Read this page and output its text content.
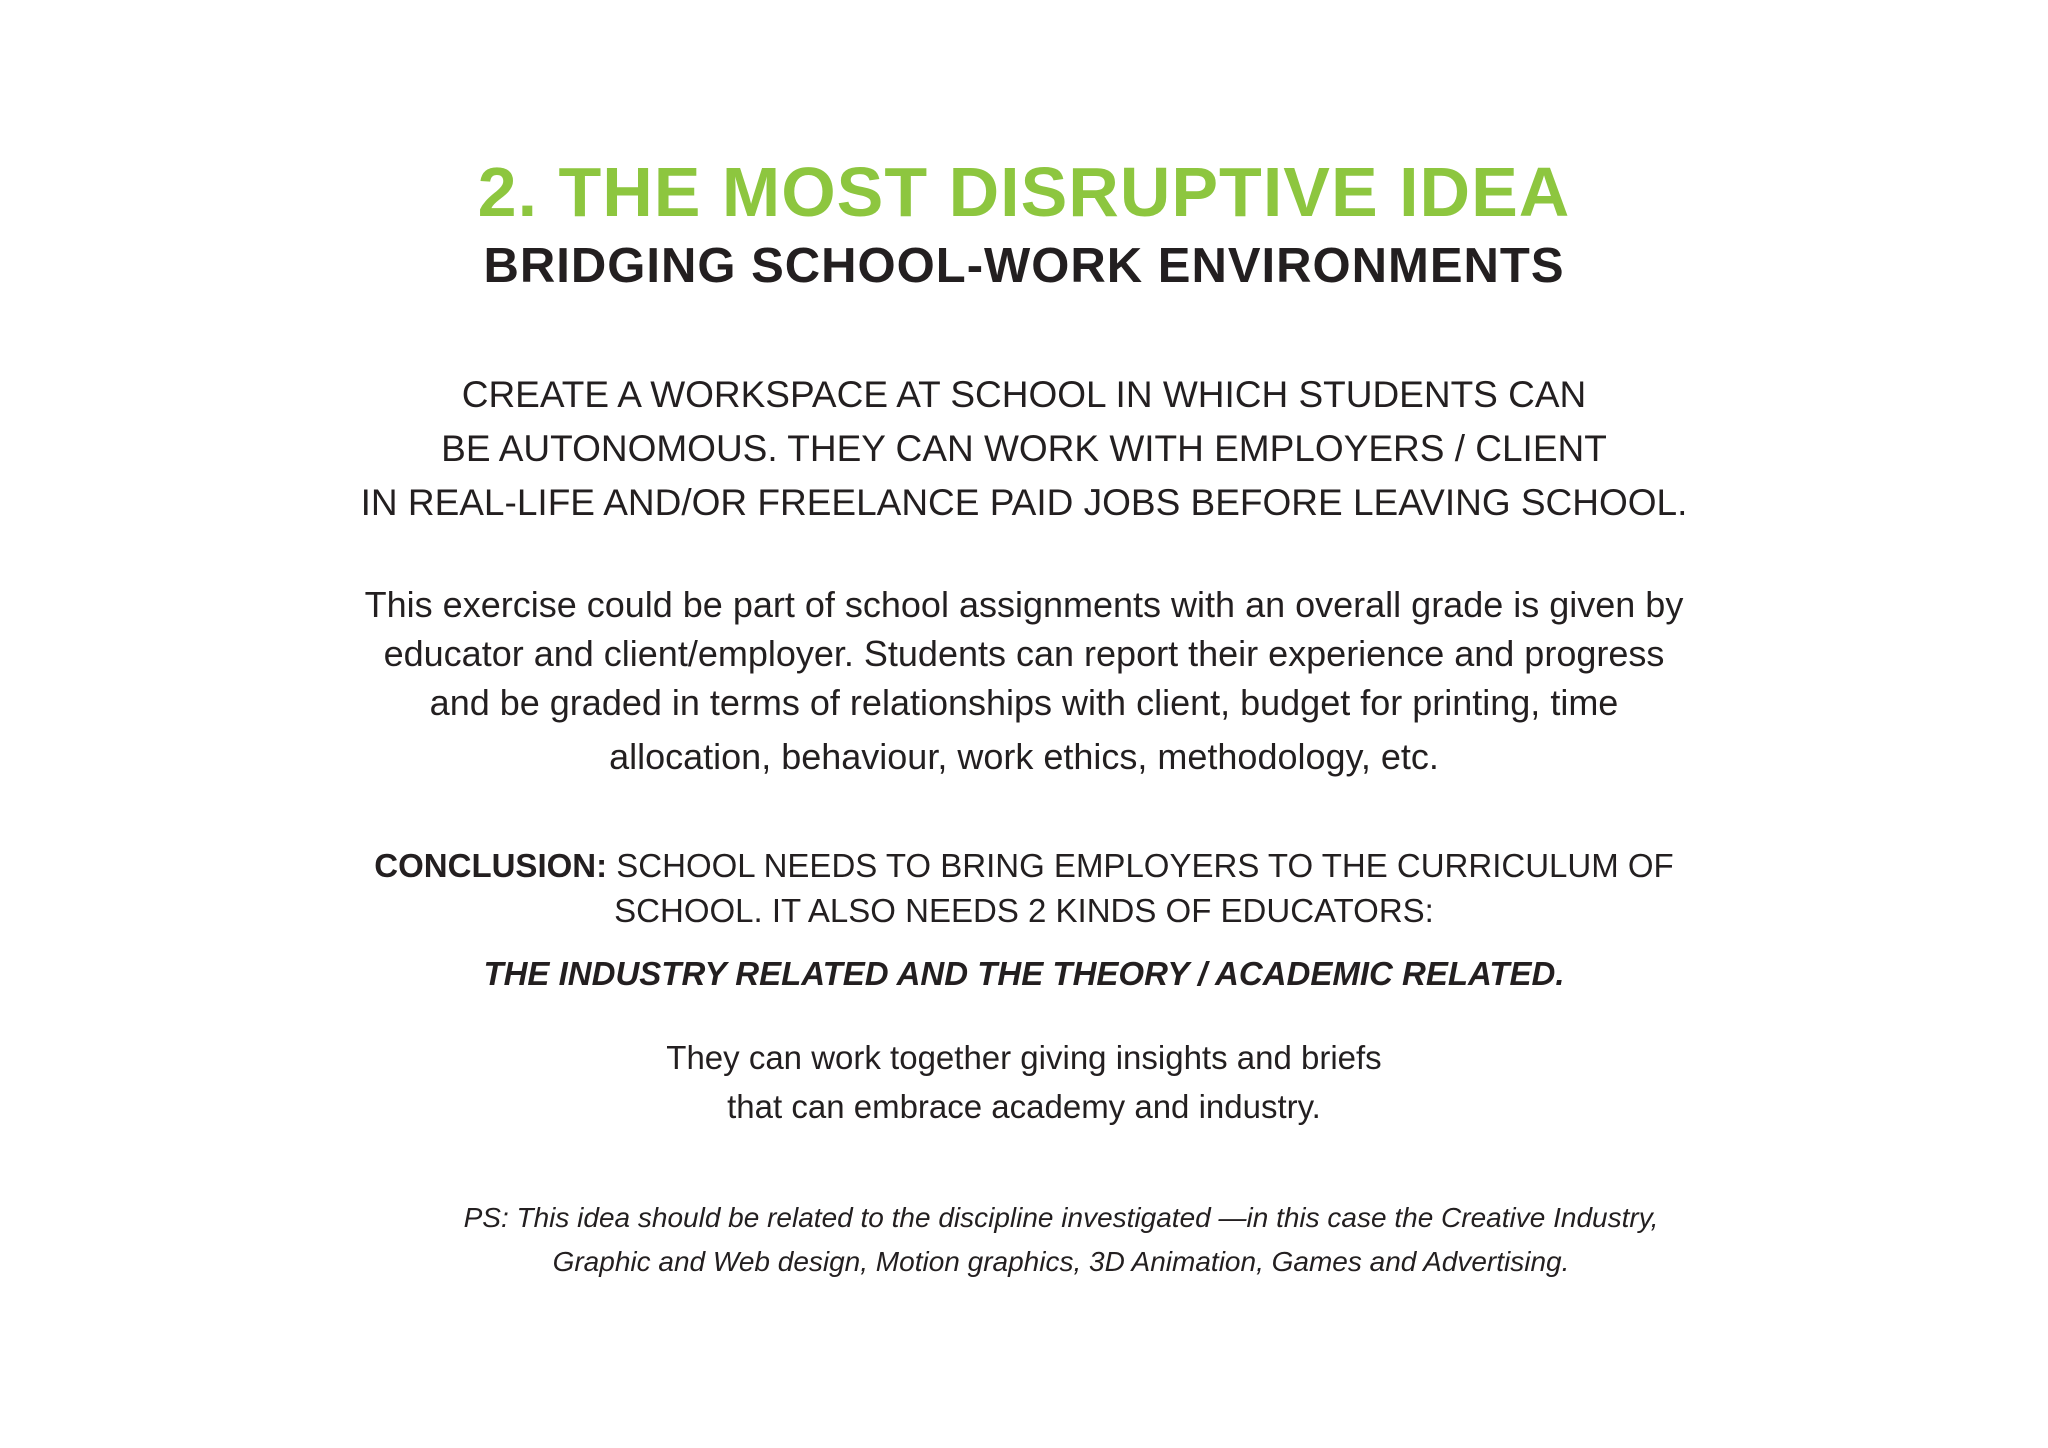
2. THE MOST DISRUPTIVE IDEA
BRIDGING SCHOOL-WORK ENVIRONMENTS
CREATE A WORKSPACE AT SCHOOL IN WHICH STUDENTS CAN
BE AUTONOMOUS. THEY CAN WORK WITH EMPLOYERS / CLIENT
IN REAL-LIFE AND/OR FREELANCE PAID JOBS BEFORE LEAVING SCHOOL.
This exercise could be part of school assignments with an overall grade is given by
educator and client/employer. Students can report their experience and progress
and be graded in terms of relationships with client, budget for printing, time
allocation, behaviour, work ethics, methodology, etc.
CONCLUSION: SCHOOL NEEDS TO BRING EMPLOYERS TO THE CURRICULUM OF
SCHOOL. IT ALSO NEEDS 2 KINDS OF EDUCATORS:
THE INDUSTRY RELATED AND THE THEORY / ACADEMIC RELATED.
They can work together giving insights and briefs
that can embrace academy and industry.
PS: This idea should be related to the discipline investigated —in this case the Creative Industry,
Graphic and Web design, Motion graphics, 3D Animation, Games and Advertising.
